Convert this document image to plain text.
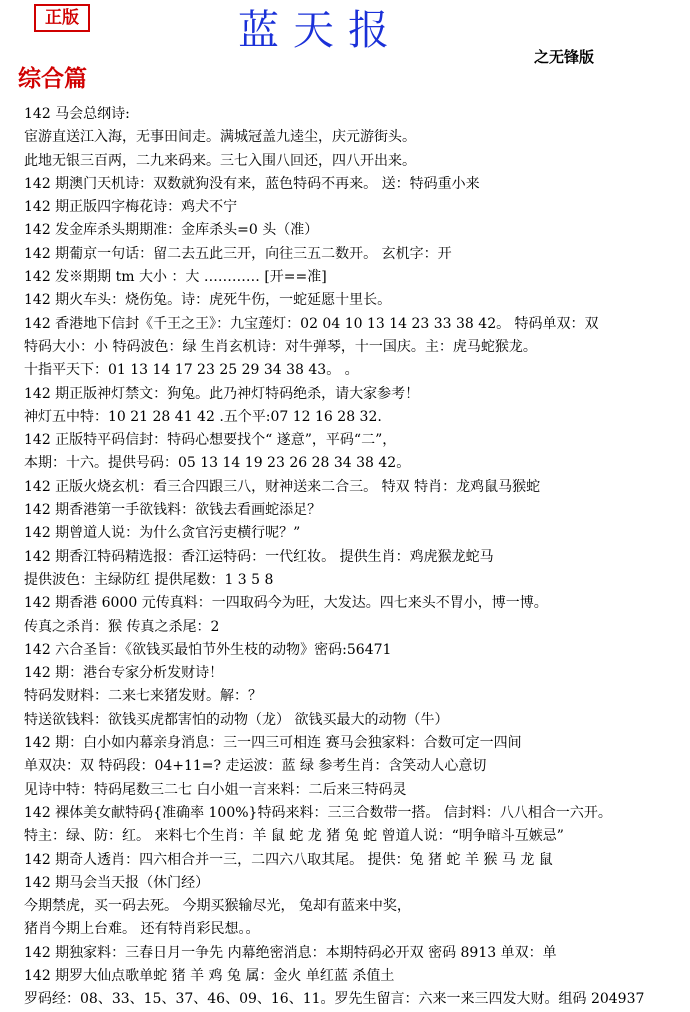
正版	蓝天报
之无锋版
综合篇
142 马会总纲诗:
宦游直送江入海，无事田间走。满城冠盖九逵尘，庆元游街头。
此地无银三百两，二九来码来。三七入围八回还，四八开出来。
142 期澳门天机诗：双数就狗没有来，蓝色特码不再来。 送：特码重小来
142 期正版四字梅花诗：鸡犬不宁
142 发金库杀头期期准：金库杀头=0 头（准）
142 期葡京一句话：留二去五此三开，向往三五二数开。 玄机字：开
142 发※期期 tm 大小 ：大 ………… [开==准]
142 期火车头：烧伤兔。诗：虎死牛伤，一蛇延愿十里长。
142 香港地下信封《千王之王》：九宝莲灯：02 04 10 13 14 23 33 38 42。 特码单双：双
特码大小：小 特码波色：绿 生肖玄机诗：对牛弹琴，十一国庆。主：虎马蛇猴龙。
十指平天下：01 13 14 17 23 25 29 34 38 43。 。
142 期正版神灯禁文：狗兔。此乃神灯特码绝杀，请大家参考！
神灯五中特：10 21 28 41 42 .五个平:07 12 16 28 32.
142 正版特平码信封：特码心想要找个“ 遂意”，平码“二”，
本期：十六。提供号码：05 13 14 19 23 26 28 34 38 42。
142 正版火烧玄机：看三合四跟三八，财神送来二合三。 特双 特肖：龙鸡鼠马猴蛇
142 期香港第一手欲钱料：欲钱去看画蛇添足？
142 期曾道人说：为什么贪官污吏横行呢？”
142 期香江特码精选报：香江运特码：一代红妆。 提供生肖：鸡虎猴龙蛇马
提供波色：主绿防红 提供尾数：1 3 5 8
142 期香港 6000 元传真料：一四取码今为旺，大发达。四七来头不胃小，博一博。
传真之杀肖：猴 传真之杀尾：2
142 六合圣旨：《欲钱买最怕节外生枝的动物》密码:56471
142 期：港台专家分析发财诗！
特码发财料：二来七来猪发财。解：？
特送欲钱料：欲钱买虎都害怕的动物（龙） 欲钱买最大的动物（牛）
142 期：白小如内幕亲身消息：三一四三可相连 赛马会独家料：合数可定一四间
单双决：双 特码段：04+11=? 走运波：蓝 绿 参考生肖：含笑动人心意切
见诗中特：特码尾数三二七 白小姐一言来料：二后来三特码灵
142 裸体美女献特码{准确率 100%}特码来料：三三合数带一搭。 信封料：八八相合一六开。
特主：绿、防：红。 来料七个生肖：羊 鼠 蛇 龙 猪 兔 蛇 曾道人说：“明争暗斗互嫉忌”
142 期奇人透肖：四六相合并一三，二四六八取其尾。 提供：兔 猪 蛇 羊 猴 马 龙 鼠
142 期马会当天报（休门经）
今期禁虎，买一码去死。 今期买猴输尽光， 兔却有蓝来中奖，
猪肖今期上台难。 还有特肖彩民想。。
142 期独家料：三春日月一争先 内幕绝密消息：本期特码必开双 密码 8913 单双：单
142 期罗大仙点歌单蛇 猪 羊 鸡 兔 属：金火 单红蓝 杀值土
罗码经：08、33、15、37、46、09、16、11。罗先生留言：六来一来三四发大财。组码 204937
